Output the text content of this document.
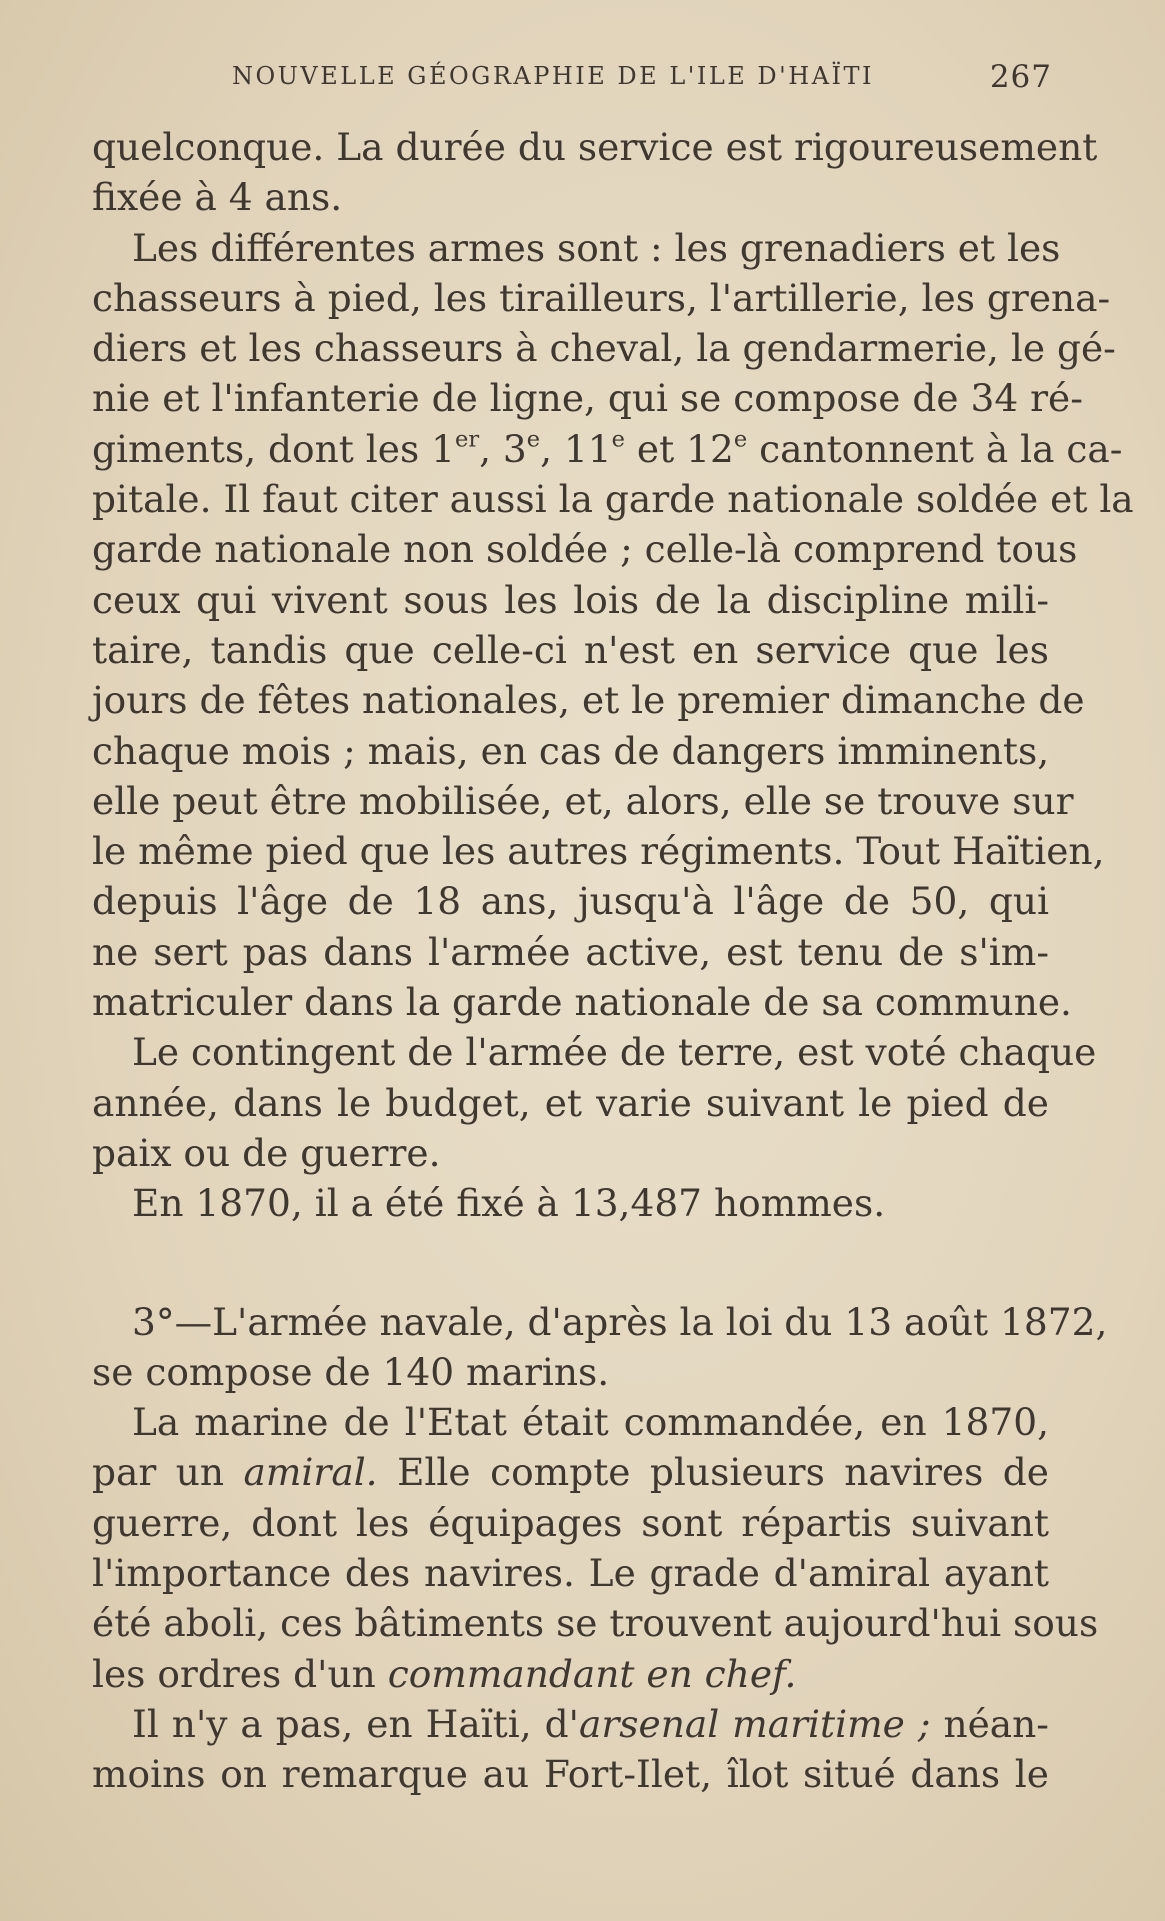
NOUVELLE GÉOGRAPHIE DE L'ILE D'HAÏTI	267

quelconque. La durée du service est rigoureusement

fixée à 4 ans.

Les différentes armes sont : les grenadiers et les

chasseurs à pied, les tirailleurs, l'artillerie, les grena-

diers et les chasseurs à cheval, la gendarmerie, le gé-

nie et l'infanterie de ligne, qui se compose de 34 ré-

giments, dont les 1er, 3e, 11e et 12e cantonnent à la ca-

pitale. Il faut citer aussi la garde nationale soldée et la

garde nationale non soldée ; celle-là comprend tous

ceux qui vivent sous les lois de la discipline mili-

taire, tandis que celle-ci n'est en service que les

jours de fêtes nationales, et le premier dimanche de

chaque mois ; mais, en cas de dangers imminents,

elle peut être mobilisée, et, alors, elle se trouve sur

le même pied que les autres régiments. Tout Haïtien,

depuis l'âge de 18 ans, jusqu'à l'âge de 50, qui

ne sert pas dans l'armée active, est tenu de s'im-

matriculer dans la garde nationale de sa commune.

Le contingent de l'armée de terre, est voté chaque

année, dans le budget, et varie suivant le pied de

paix ou de guerre.

En 1870, il a été fixé à 13,487 hommes.

3°—L'armée navale, d'après la loi du 13 août 1872,

se compose de 140 marins.

La marine de l'Etat était commandée, en 1870,

par un amiral. Elle compte plusieurs navires de

guerre, dont les équipages sont répartis suivant

l'importance des navires. Le grade d'amiral ayant

été aboli, ces bâtiments se trouvent aujourd'hui sous

les ordres d'un commandant en chef.

Il n'y a pas, en Haïti, d'arsenal maritime ; néan-

moins on remarque au Fort-Ilet, îlot situé dans le
